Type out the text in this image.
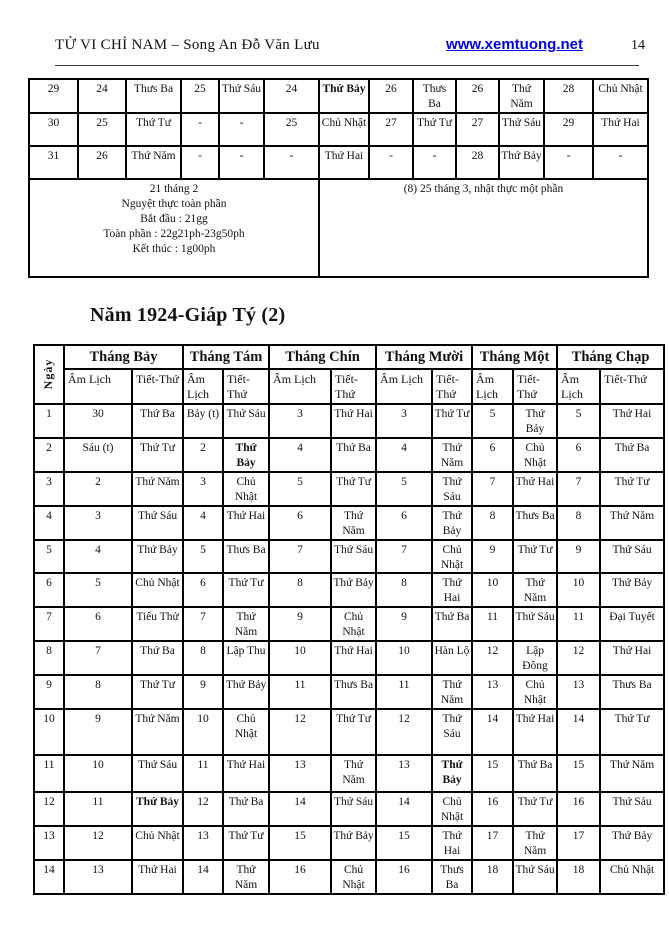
TỬ VI CHỈ NAM – Song An Đỗ Văn Lưu	www.xemtuong.net	14
29	24	Thưs Ba	25	Thứ Sáu	24	Thứ Bảy	26	Thưs Ba	26	Thứ Năm	28	Chủ Nhật
30	25	Thứ Tư	-	-	25	Chủ Nhật	27	Thứ Tư	27	Thứ Sáu	29	Thứ Hai
31	26	Thứ Năm	-	-	-	Thứ Hai	-	-	28	Thứ Bảy	-	-

21 tháng 2
Nguyệt thực toàn phần
Bắt đầu : 21gg
Toàn phần : 22g21ph-23g50ph
Kết thúc : 1g00ph						(8) 25 tháng 3, nhật thực một phần						
Năm 1924-Giáp Tý (2)
Ngày	Tháng Bảy		Tháng Tám		Tháng Chín		Tháng Mười		Tháng Một		Tháng Chạp	
	Âm Lịch	Tiết-Thứ	Âm Lịch	Tiết-Thứ	Âm Lịch	Tiết-Thứ	Âm Lịch	Tiết-Thứ	Âm Lịch	Tiết-Thứ	Âm Lịch	Tiết-Thứ
1	30	Thứ Ba	Bảy (t)	Thứ Sáu	3	Thứ Hai	3	Thứ Tư	5	Thứ Bảy	5	Thứ Hai
2	Sáu (t)	Thứ Tư	2	Thứ Bảy	4	Thứ Ba	4	Thứ Năm	6	Chủ Nhật	6	Thứ Ba
3	2	Thứ Năm	3	Chủ Nhật	5	Thứ Tư	5	Thứ Sáu	7	Thứ Hai	7	Thứ Tư
4	3	Thứ Sáu	4	Thứ Hai	6	Thứ Năm	6	Thứ Bảy	8	Thưs Ba	8	Thứ Năm
5	4	Thứ Bảy	5	Thưs Ba	7	Thứ Sáu	7	Chủ Nhật	9	Thứ Tư	9	Thứ Sáu
6	5	Chủ Nhật	6	Thứ Tư	8	Thứ Bảy	8	Thứ Hai	10	Thứ Năm	10	Thứ Bảy
7	6	Tiểu Thử	7	Thứ Năm	9	Chủ Nhật	9	Thứ Ba	11	Thứ Sáu	11	Đại Tuyết
8	7	Thứ Ba	8	Lập Thu	10	Thứ Hai	10	Hàn Lộ	12	Lập Đông	12	Thứ Hai
9	8	Thứ Tư	9	Thứ Bảy	11	Thưs Ba	11	Thứ Năm	13	Chủ Nhật	13	Thưs Ba
10	9	Thứ Năm	10	Chủ Nhật	12	Thứ Tư	12	Thứ Sáu	14	Thứ Hai	14	Thứ Tư
11	10	Thứ Sáu	11	Thứ Hai	13	Thứ Năm	13	Thứ Bảy	15	Thứ Ba	15	Thứ Năm
12	11	Thứ Bảy	12	Thứ Ba	14	Thứ Sáu	14	Chủ Nhật	16	Thứ Tư	16	Thứ Sáu
13	12	Chủ Nhật	13	Thứ Tư	15	Thứ Bảy	15	Thứ Hai	17	Thứ Năm	17	Thứ Bảy
14	13	Thứ Hai	14	Thứ Năm	16	Chủ Nhật	16	Thưs Ba	18	Thứ Sáu	18	Chủ Nhật
